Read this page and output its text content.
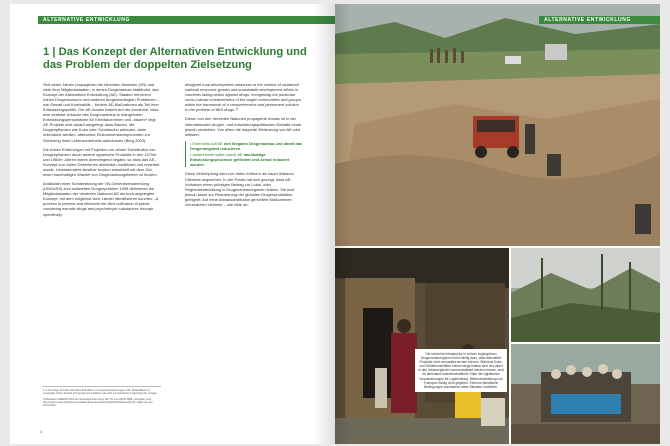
ALTERNATIVE ENTWICKLUNG
1 | Das Konzept der Alternativen Entwicklung und das Problem der doppelten Zielsetzung

Seit vielen Jahren propagieren die Vereinten Nationen (VN) und viele ihrer Mitgliedsstaaten, in denen Drogenanbau stattfindet, das Konzept der Alternativen Entwicklung (AE). Staaten mit einem hohen Drogenkonsum und anderen drogenbedingten Problemen – wie Gewalt und Kriminalität – fördern AE-Maßnahmen als Teil ihrer Entwicklungspolitik. Der AE-Ansatz basiert auf der Annahme, dass eine zentrale Ursache des Drogenanbaus in mangelnden Entwicklungsperspektiven für Kleinbäuerinnen und -bauern¹ liegt. AE-Projekte sind darauf ausgelegt, dass Bauern, die Drogenpflanzen wie Koka oder Schlafmohn anbauen, darin unterstützt werden, alternative Einkommenskomponenten zur Sicherung ihres Lebensunterhalts aufzubauen (Berg 2003).

Die ersten Erfahrungen mit Projekten zur reinen Substitution von Drogenpflanzen durch andere agrarische Produkte in den 1970er und 1980er Jahren waren überwiegend negativ, so dass das AE-Konzept von vielen Geberinnen allmählich modifiziert und erweitert wurde. Umfassendere Ansätze wurden entwickelt mit dem Ziel, einen nachhaltigen Wandel von Drogenanbaugebieten zu fördern.

Anlässlich einer Sondersitzung der VN-Generalversammlung (UNGASS) zum weltweiten Drogenproblem 1998 definierten die Mitgliedsstaaten der Vereinten Nationen AE als breit angelegtes Konzept, mit dem möglichst viele Länder identifizieren konnten: „A process to prevent and eliminate the illicit cultivation of plants containing narcotic drugs and psychotropic substances through specifically

designed rural development measures in the context of sustained national economic growth and sustainable development efforts in countries taking action against drugs, recognizing the particular socio-cultural characteristics of the target communities and groups, within the framework of a comprehensive and permanent solution to the problem of illicit drugs.“²

Dieser von den Vereinten Nationen propagierte Ansatz ist in der internationalen drogen- und entwicklungspolitischen Debatte heute jedoch umstritten. Von allem die doppelte Zielsetzung von AE wird kritisiert:

• Einerseits soll AE den illegalen Drogenanbau und damit das Drogenangebot reduzieren,

• andererseits sollen durch AE nachhaltige Entwicklungsprozesse gefördert und Armut reduziert werden.

Diese Verknüpfung wird von vielen Kritikern als kaum lösbares Dilemma angesehen. In der Praxis hat sich gezeigt, dass AE-Vorhaben einen wichtigen Beitrag zur Lokal- oder Regionalentwicklung in Drogenanbauregionen leisten. Sie sind jedoch kaum zur Reduzierung der globalen Drogenproduktion geeignet: Auf reine Anbausubstitution gerichtete Maßnahmen verursachen vielmehr – wie viele an-

1 In der Folge wird die männliche Pluralform in Gruppenbezeichnungen (z.B. „Bauer/Bauern“) verwendet. Diese bezieht sich jeweils auf weibliche als auch auf männliche Angehörige der Gruppe.

2 Resolution A/RES/S-20/4 der Generalversammlung der VN vom 08.06.1998, verfügbar unter: http://www.unodc.org/documents/alternative-development/UNGASSDocs/AD.pdf, abgerufen am 02.11.2012.

4
ALTERNATIVE ENTWICKLUNG

Die schlechte Infrastruktur in schwer zugänglichen Drogenanbauregionen führt häufig dazu, dass alternative Produkte nicht vermarktet werden können. Während Koka- und Schlafmohnblätter extrem lange haltbar sind und direkt in den Anbauregionen kommerzialisiert werden können, sind für alternative landwirtschaftliche Güter die logistischen Voraussetzungen für Lagerhaltung, Weiterverarbeitung und Transport häufig nicht gegeben. Extreme klimatische Bedingungen erschweren diese Situation zusätzlich.
